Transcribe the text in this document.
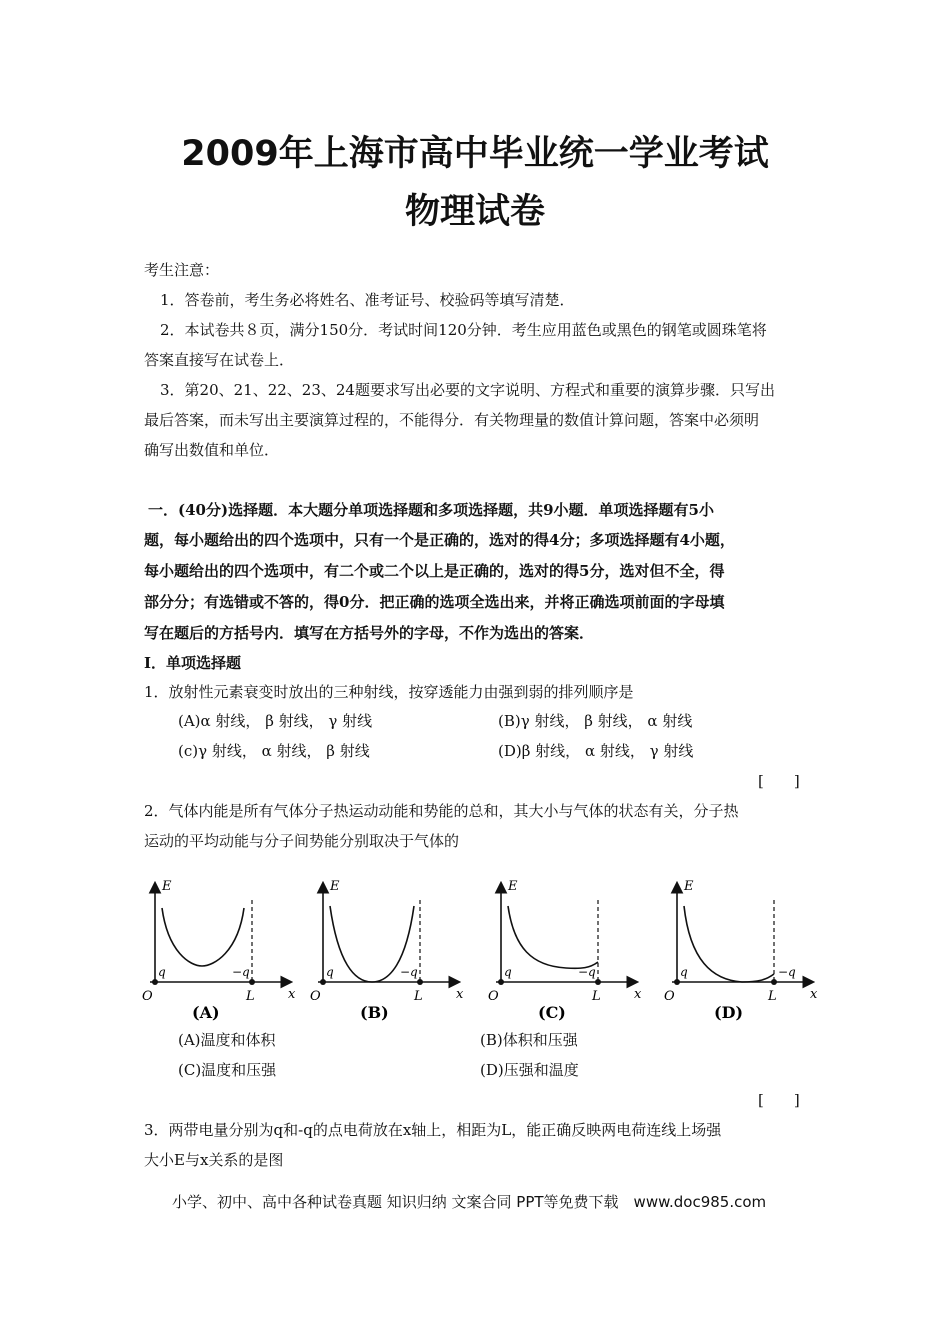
2009年上海市高中毕业统一学业考试
物理试卷
考生注意：
1．答卷前，考生务必将姓名、准考证号、校验码等填写清楚．
2．本试卷共８页，满分150分．考试时间120分钟．考生应用蓝色或黑色的钢笔或圆珠笔将
答案直接写在试卷上．
3．第20、21、22、23、24题要求写出必要的文字说明、方程式和重要的演算步骤．只写出
最后答案，而未写出主要演算过程的，不能得分．有关物理量的数值计算问题，答案中必须明
确写出数值和单位．
一．(40分)选择题．本大题分单项选择题和多项选择题，共9小题．单项选择题有5小
题，每小题给出的四个选项中，只有一个是正确的，选对的得4分；多项选择题有4小题，
每小题给出的四个选项中，有二个或二个以上是正确的，选对的得5分，选对但不全，得
部分分；有选错或不答的，得0分．把正确的选项全选出来，并将正确选项前面的字母填
写在题后的方括号内．填写在方括号外的字母，不作为选出的答案．
Ⅰ．单项选择题
1．放射性元素衰变时放出的三种射线，按穿透能力由强到弱的排列顺序是
(A)α 射线， β 射线， γ 射线	(B)γ 射线， β 射线， α 射线
(c)γ 射线， α 射线， β 射线	(D)β 射线， α 射线， γ 射线
[　　]
2．气体内能是所有气体分子热运动动能和势能的总和，其大小与气体的状态有关，分子热
运动的平均动能与分子间势能分别取决于气体的
E
x
O
q	−q
L
(A)
E
x
O
q	−q
L
(B)
E
x
O
q	−q
L
(C)
E
x
O
q	−q
L
(D)
(A)温度和体积	(B)体积和压强
(C)温度和压强	(D)压强和温度
[　　]
3．两带电量分别为q和-q的点电荷放在x轴上，相距为L，能正确反映两电荷连线上场强
大小E与x关系的是图
小学、初中、高中各种试卷真题 知识归纳 文案合同 PPT等免费下载　www.doc985.com
